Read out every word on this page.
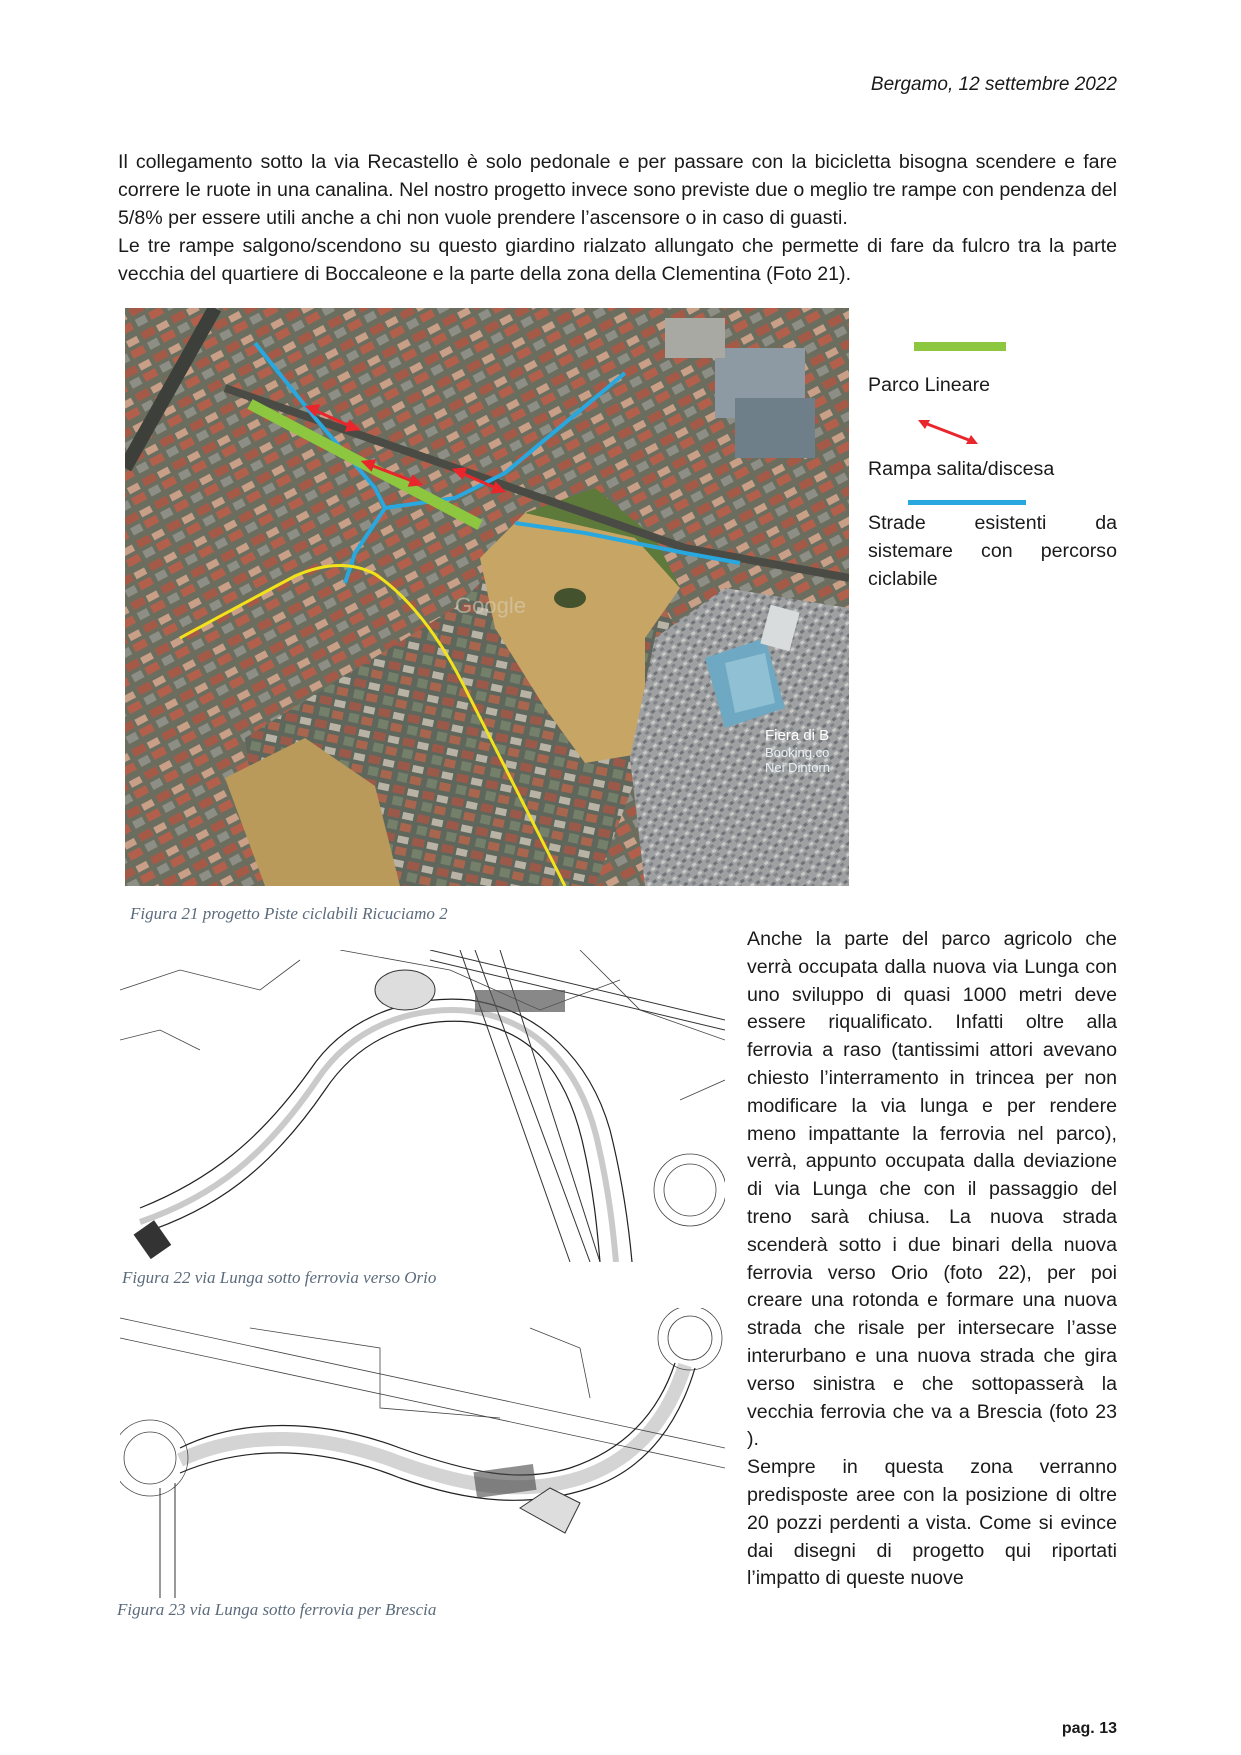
Bergamo, 12 settembre 2022

Il collegamento sotto la via Recastello è solo pedonale e per passare con la bicicletta bisogna scendere e fare correre le ruote in una canalina. Nel nostro progetto invece sono previste due o meglio tre rampe con pendenza del 5/8% per essere utili anche a chi non vuole prendere l’ascensore o in caso di guasti.

Le tre rampe salgono/scendono su questo giardino rialzato allungato che permette di fare da fulcro tra la parte vecchia del quartiere di Boccaleone e la parte della zona della Clementina (Foto 21).

Google
Fiera di B
Booking.co
Nei Dintorn
Parco Lineare
Rampa salita/discesa
Strade esistenti da sistemare con percorso ciclabile
Figura 21 progetto Piste ciclabili Ricuciamo 2
Figura 22 via Lunga sotto ferrovia verso Orio
Figura 23 via Lunga sotto ferrovia per Brescia

Anche la parte del parco agricolo che verrà occupata dalla nuova via Lunga con uno sviluppo di quasi 1000 metri deve essere riqualificato. Infatti oltre alla ferrovia a raso (tantissimi attori avevano chiesto l’interramento in trincea per non modificare la via lunga e per rendere meno impattante la ferrovia nel parco), verrà, appunto occupata dalla deviazione di via Lunga che con il passaggio del treno sarà chiusa. La nuova strada scenderà sotto i due binari della nuova ferrovia verso Orio (foto 22), per poi creare una rotonda e formare una nuova strada che risale per intersecare l’asse interurbano e una nuova strada che gira verso sinistra e che sottopasserà la vecchia ferrovia che va a Brescia (foto 23 ).

Sempre in questa zona verranno predisposte aree con la posizione di oltre 20 pozzi perdenti a vista. Come si evince dai disegni di progetto qui riportati l’impatto di queste nuove

pag. 13
